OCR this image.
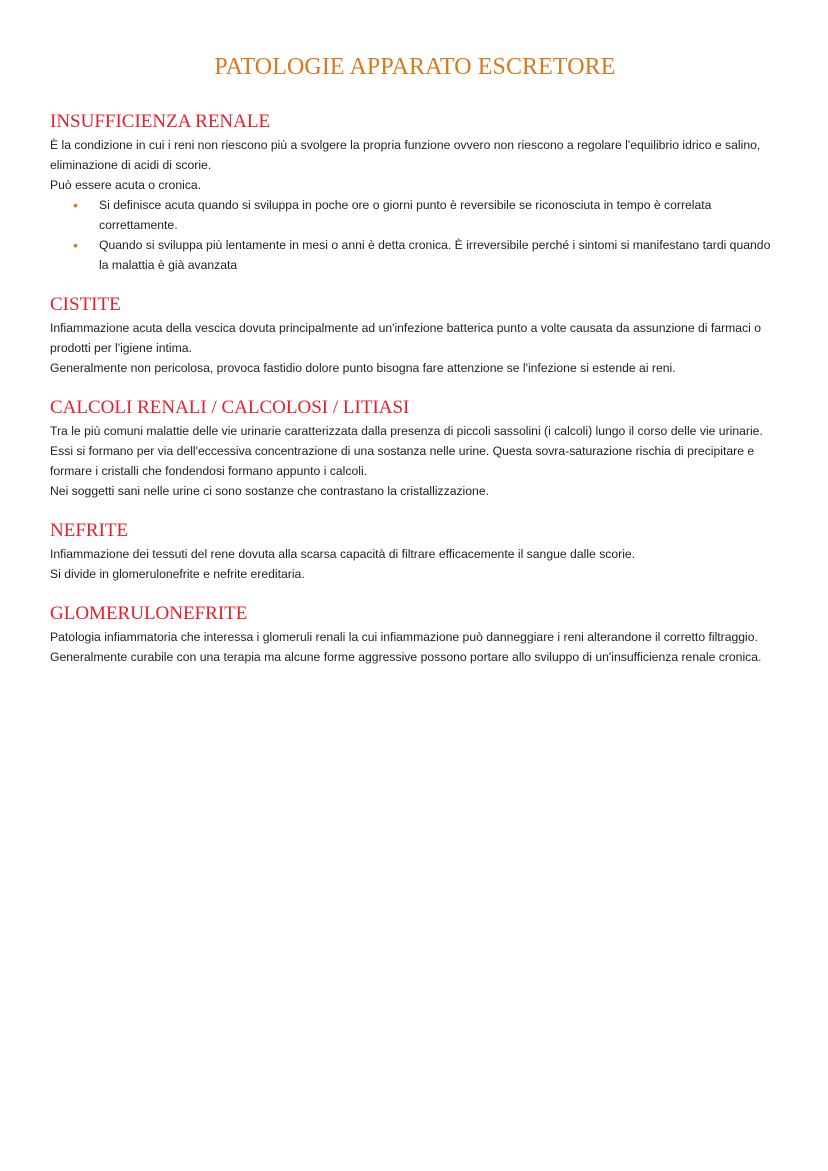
PATOLOGIE APPARATO ESCRETORE
INSUFFICIENZA RENALE

È la condizione in cui i reni non riescono più a svolgere la propria funzione ovvero non riescono a regolare l'equilibrio idrico e salino, eliminazione di acidi di scorie.

Può essere acuta o cronica.

• Si definisce acuta quando si sviluppa in poche ore o giorni punto è reversibile se riconosciuta in tempo è correlata correttamente.
• Quando si sviluppa più lentamente in mesi o anni è detta cronica. È irreversibile perché i sintomi si manifestano tardi quando la malattia è già avanzata
CISTITE

Infiammazione acuta della vescica dovuta principalmente ad un'infezione batterica punto a volte causata da assunzione di farmaci o prodotti per l'igiene intima.

Generalmente non pericolosa, provoca fastidio dolore punto bisogna fare attenzione se l'infezione si estende ai reni.

CALCOLI RENALI / CALCOLOSI / LITIASI

Tra le più comuni malattie delle vie urinarie caratterizzata dalla presenza di piccoli sassolini (i calcoli) lungo il corso delle vie urinarie.

Essi si formano per via dell'eccessiva concentrazione di una sostanza nelle urine. Questa sovra-saturazione rischia di precipitare e formare i cristalli che fondendosi formano appunto i calcoli.

Nei soggetti sani nelle urine ci sono sostanze che contrastano la cristallizzazione.

NEFRITE

Infiammazione dei tessuti del rene dovuta alla scarsa capacità di filtrare efficacemente il sangue dalle scorie.

Si divide in glomerulonefrite e nefrite ereditaria.

GLOMERULONEFRITE

Patologia infiammatoria che interessa i glomeruli renali la cui infiammazione può danneggiare i reni alterandone il corretto filtraggio. Generalmente curabile con una terapia ma alcune forme aggressive possono portare allo sviluppo di un'insufficienza renale cronica.
